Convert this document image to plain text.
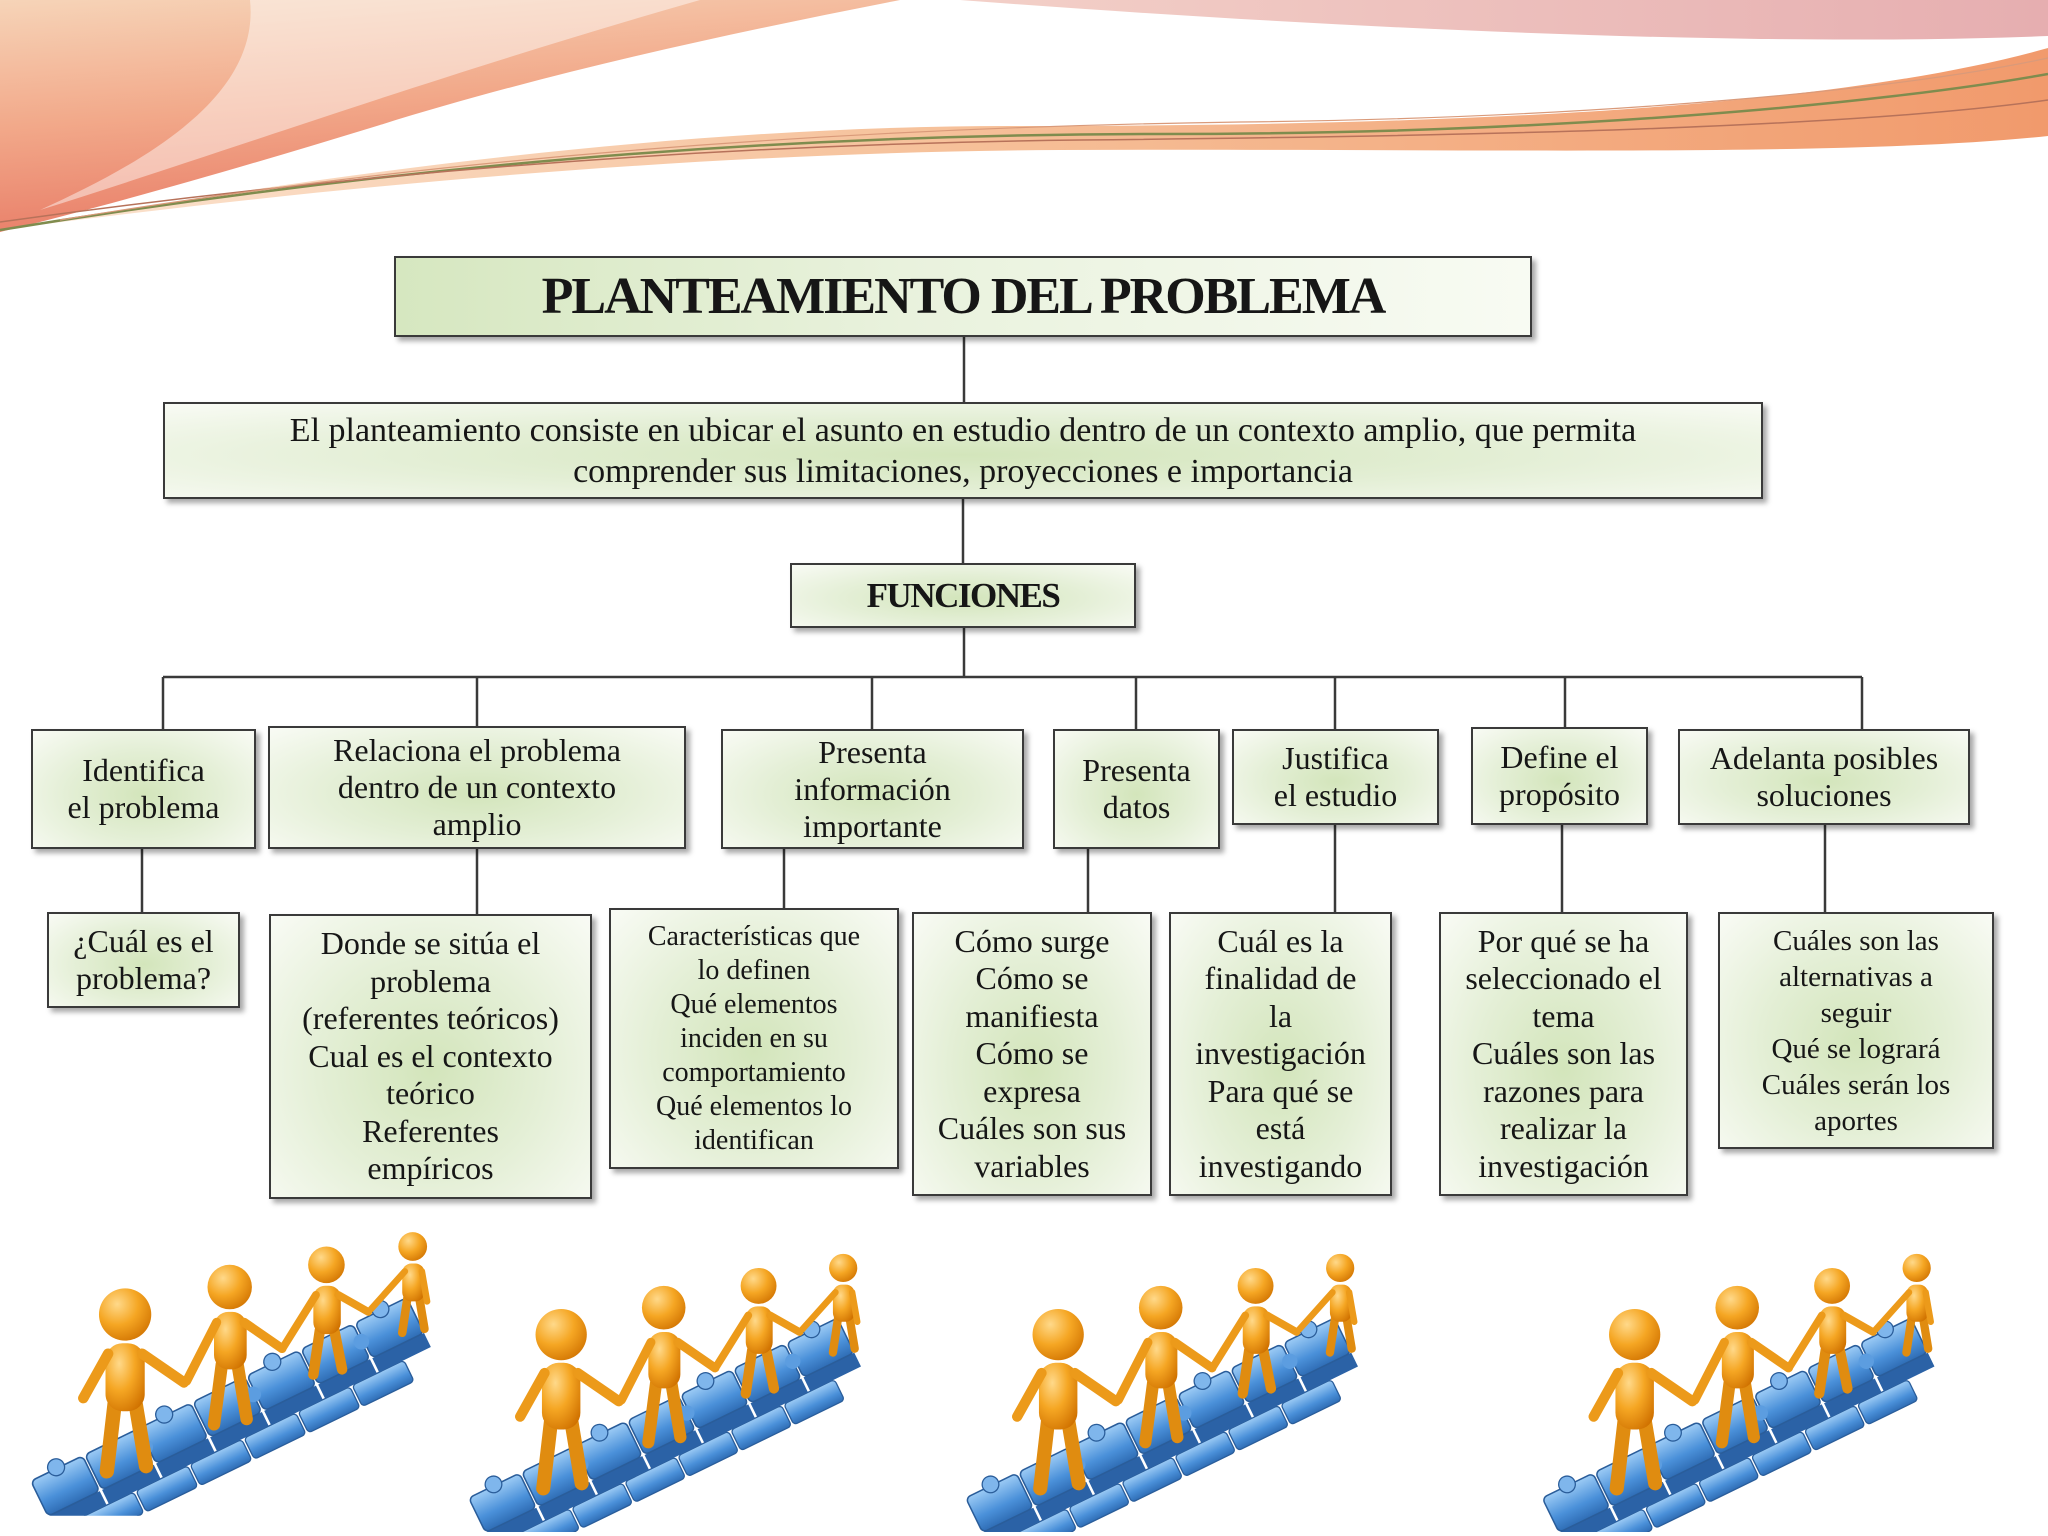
PLANTEAMIENTO DEL PROBLEMA
El planteamiento consiste en ubicar el asunto en estudio dentro de un contexto amplio, que permita
comprender sus limitaciones, proyecciones e importancia
FUNCIONES
Identifica
el problema
Relaciona el problema
dentro de un contexto
amplio
Presenta
información
importante
Presenta
datos
Justifica
el estudio
Define el
propósito
Adelanta posibles
soluciones
¿Cuál es el
problema?
Donde se sitúa el
problema
(referentes teóricos)
Cual es el contexto
teórico
Referentes
empíricos
Características que
lo definen
Qué elementos
inciden en su
comportamiento
Qué elementos lo
identifican
Cómo surge
Cómo se
manifiesta
Cómo se
expresa
Cuáles son sus
variables
Cuál es la
finalidad de
la
investigación
Para qué se
está
investigando
Por qué se ha
seleccionado el
tema
Cuáles son las
razones para
realizar la
investigación
Cuáles son las
alternativas a
seguir
Qué se logrará
Cuáles serán los
aportes
